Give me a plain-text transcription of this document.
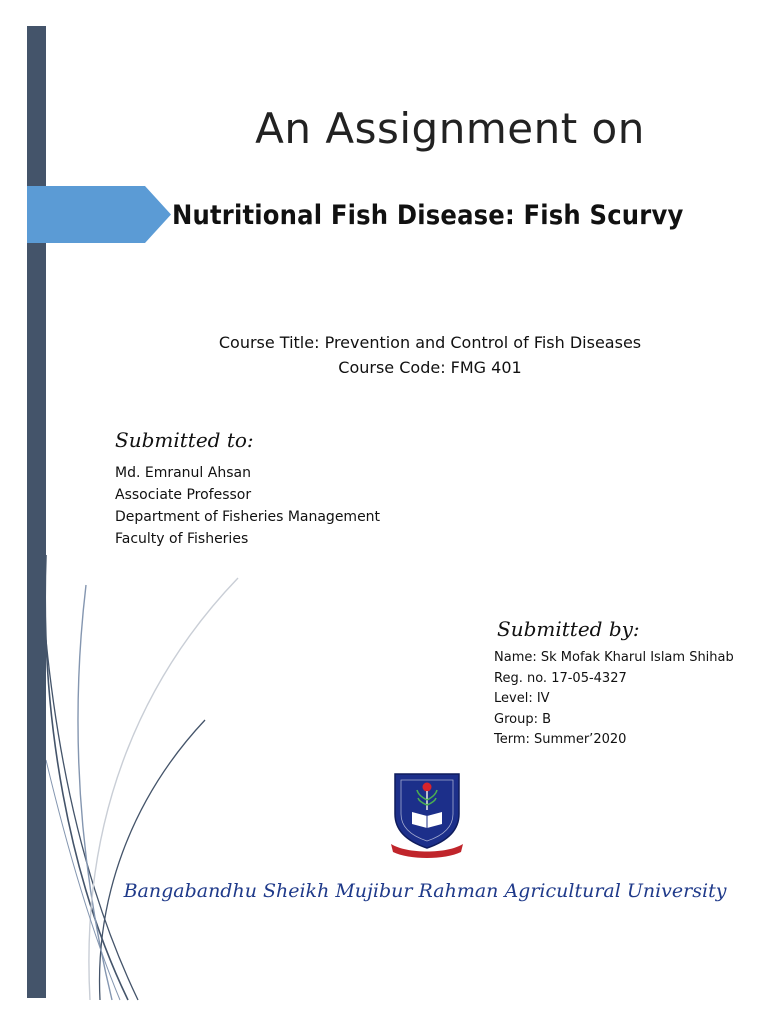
An Assignment on
Nutritional Fish Disease: Fish Scurvy
Course Title: Prevention and Control of Fish Diseases
Course Code: FMG 401
Submitted to:
Md. Emranul Ahsan
Associate Professor
Department of Fisheries Management
Faculty of Fisheries
Submitted by:
Name: Sk Mofak Kharul Islam Shihab
Reg. no. 17-05-4327
Level: IV
Group: B
Term: Summer’2020
Bangabandhu Sheikh Mujibur Rahman Agricultural University
